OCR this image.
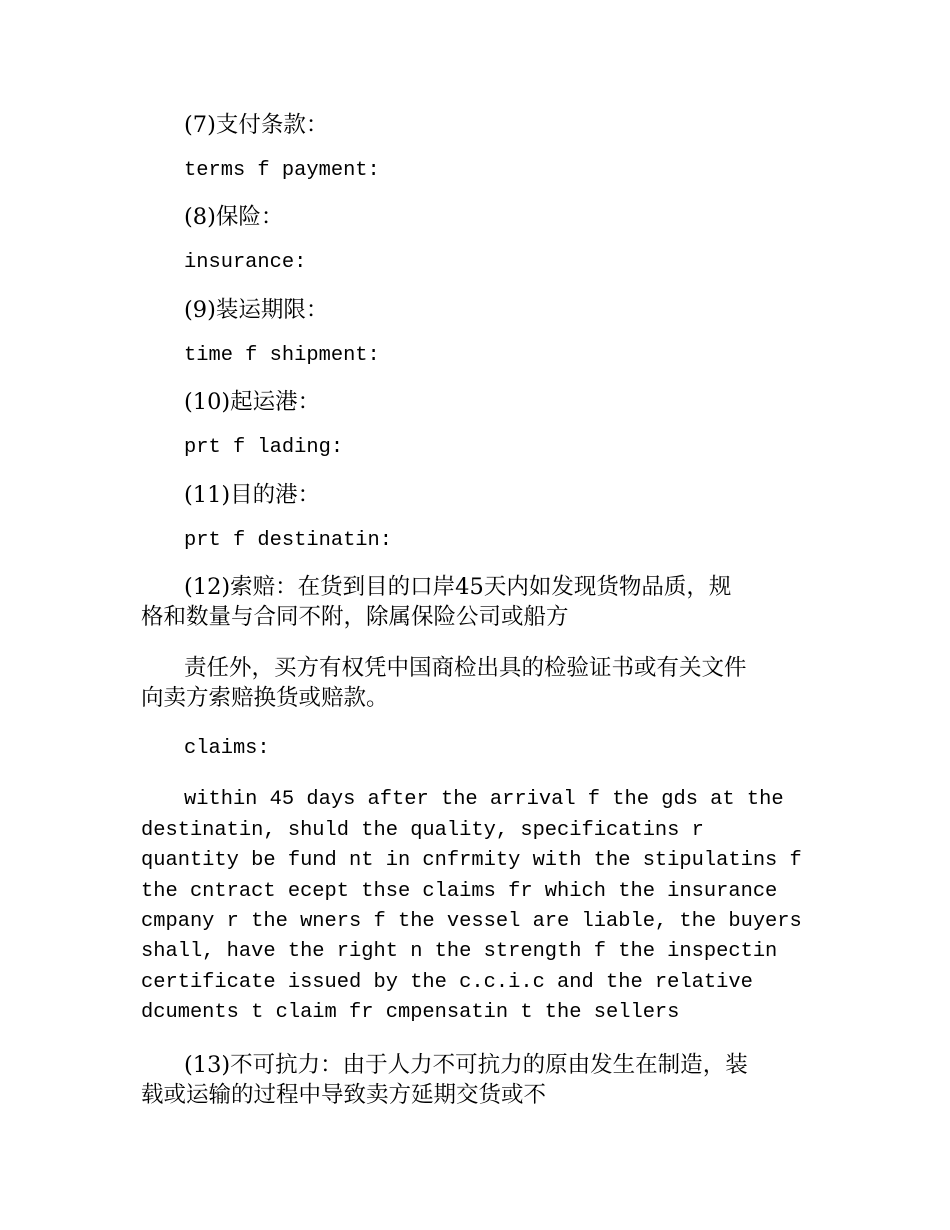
(7)支付条款：

terms f payment:

(8)保险：

insurance:

(9)装运期限：

time f shipment:

(10)起运港：

prt f lading:

(11)目的港：

prt f destinatin:

(12)索赔：在货到目的口岸45天内如发现货物品质，规
格和数量与合同不附，除属保险公司或船方

责任外，买方有权凭中国商检出具的检验证书或有关文件
向卖方索赔换货或赔款。

claims:

within 45 days after the arrival f the gds at the
destinatin, shuld the quality, specificatins r
quantity be fund nt in cnfrmity with the stipulatins f
the cntract ecept thse claims fr which the insurance
cmpany r the wners f the vessel are liable, the buyers
shall, have the right n the strength f the inspectin
certificate issued by the c.c.i.c and the relative
dcuments t claim fr cmpensatin t the sellers

(13)不可抗力：由于人力不可抗力的原由发生在制造，装
载或运输的过程中导致卖方延期交货或不
